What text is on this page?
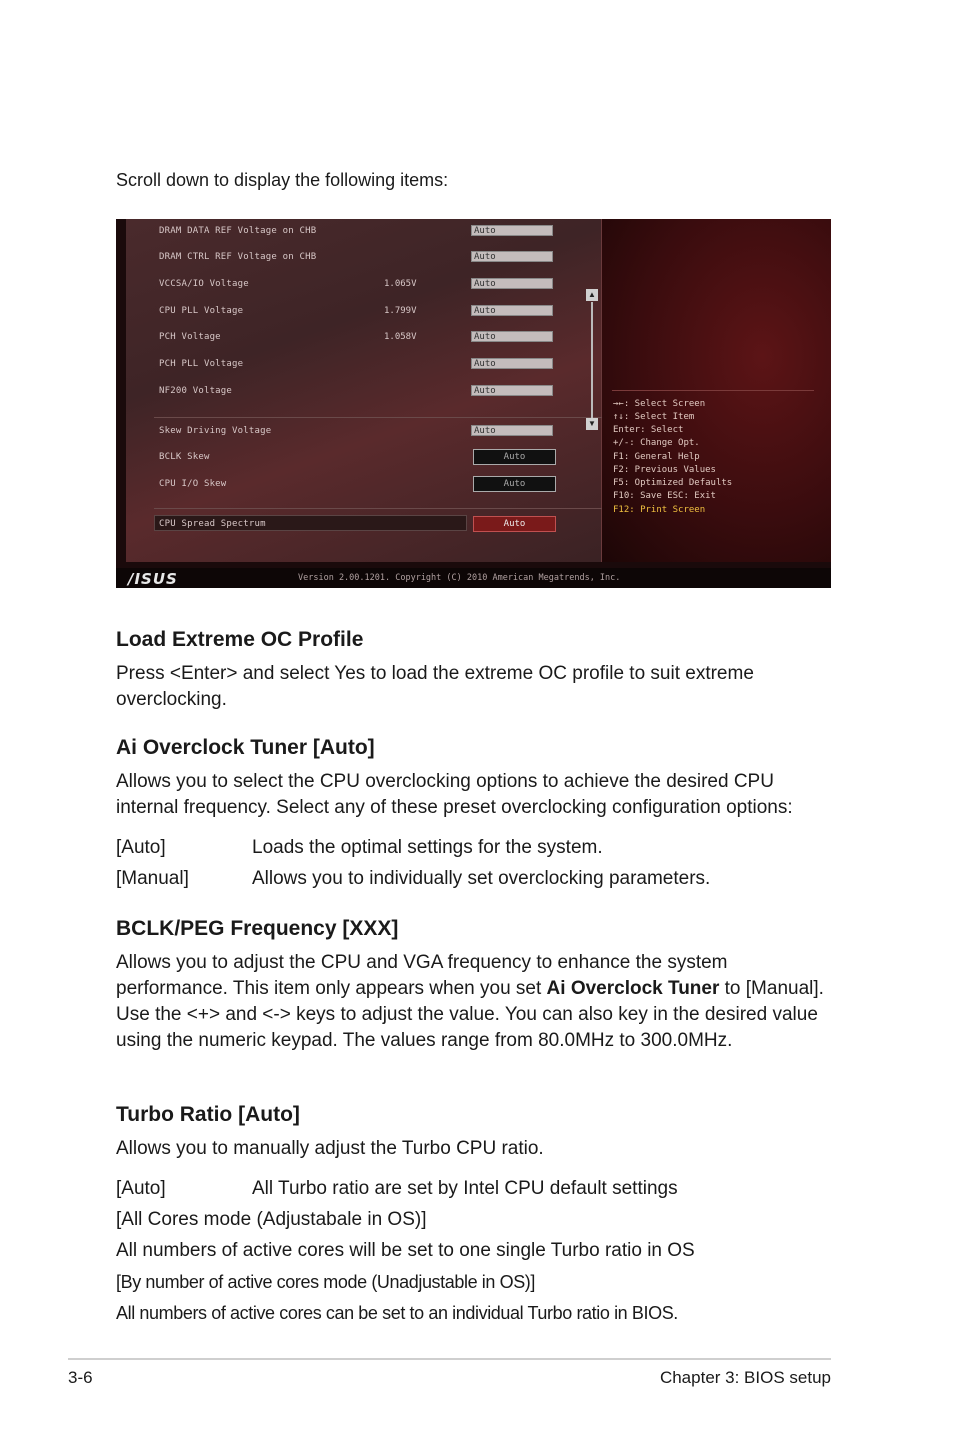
Scroll down to display the following items:
DRAM DATA REF Voltage on CHB	Auto
DRAM CTRL REF Voltage on CHB	Auto
VCCSA/IO Voltage	1.065V	Auto
CPU PLL Voltage	1.799V	Auto
PCH Voltage	1.058V	Auto
PCH PLL Voltage	Auto
NF200 Voltage	Auto
Skew Driving Voltage	Auto
BCLK Skew	Auto
CPU I/O Skew	Auto
CPU Spread Spectrum	Auto
▲
▼
→←: Select Screen
↑↓: Select Item
Enter: Select
+/-: Change Opt.
F1: General Help
F2: Previous Values
F5: Optimized Defaults
F10: Save ESC: Exit
F12: Print Screen
/ISUS	Version 2.00.1201. Copyright (C) 2010 American Megatrends, Inc.
Load Extreme OC Profile
Press <Enter> and select Yes to load the extreme OC profile to suit extreme overclocking.
Ai Overclock Tuner [Auto]
Allows you to select the CPU overclocking options to achieve the desired CPU internal frequency. Select any of these preset overclocking configuration options:
[Auto]	Loads the optimal settings for the system.
[Manual]	Allows you to individually set overclocking parameters.
BCLK/PEG Frequency [XXX]
Allows you to adjust the CPU and VGA frequency to enhance the system performance. This item only appears when you set Ai Overclock Tuner to [Manual]. Use the <+> and <-> keys to adjust the value. You can also key in the desired value using the numeric keypad. The values range from 80.0MHz to 300.0MHz.
Turbo Ratio [Auto]
Allows you to manually adjust the Turbo CPU ratio.
[Auto]	All Turbo ratio are set by Intel CPU default settings
[All Cores mode (Adjustabale in OS)]
All numbers of active cores will be set to one single Turbo ratio in OS
[By number of active cores mode (Unadjustable in OS)]
All numbers of active cores can be set to an individual Turbo ratio in BIOS.
3-6	Chapter 3: BIOS setup
